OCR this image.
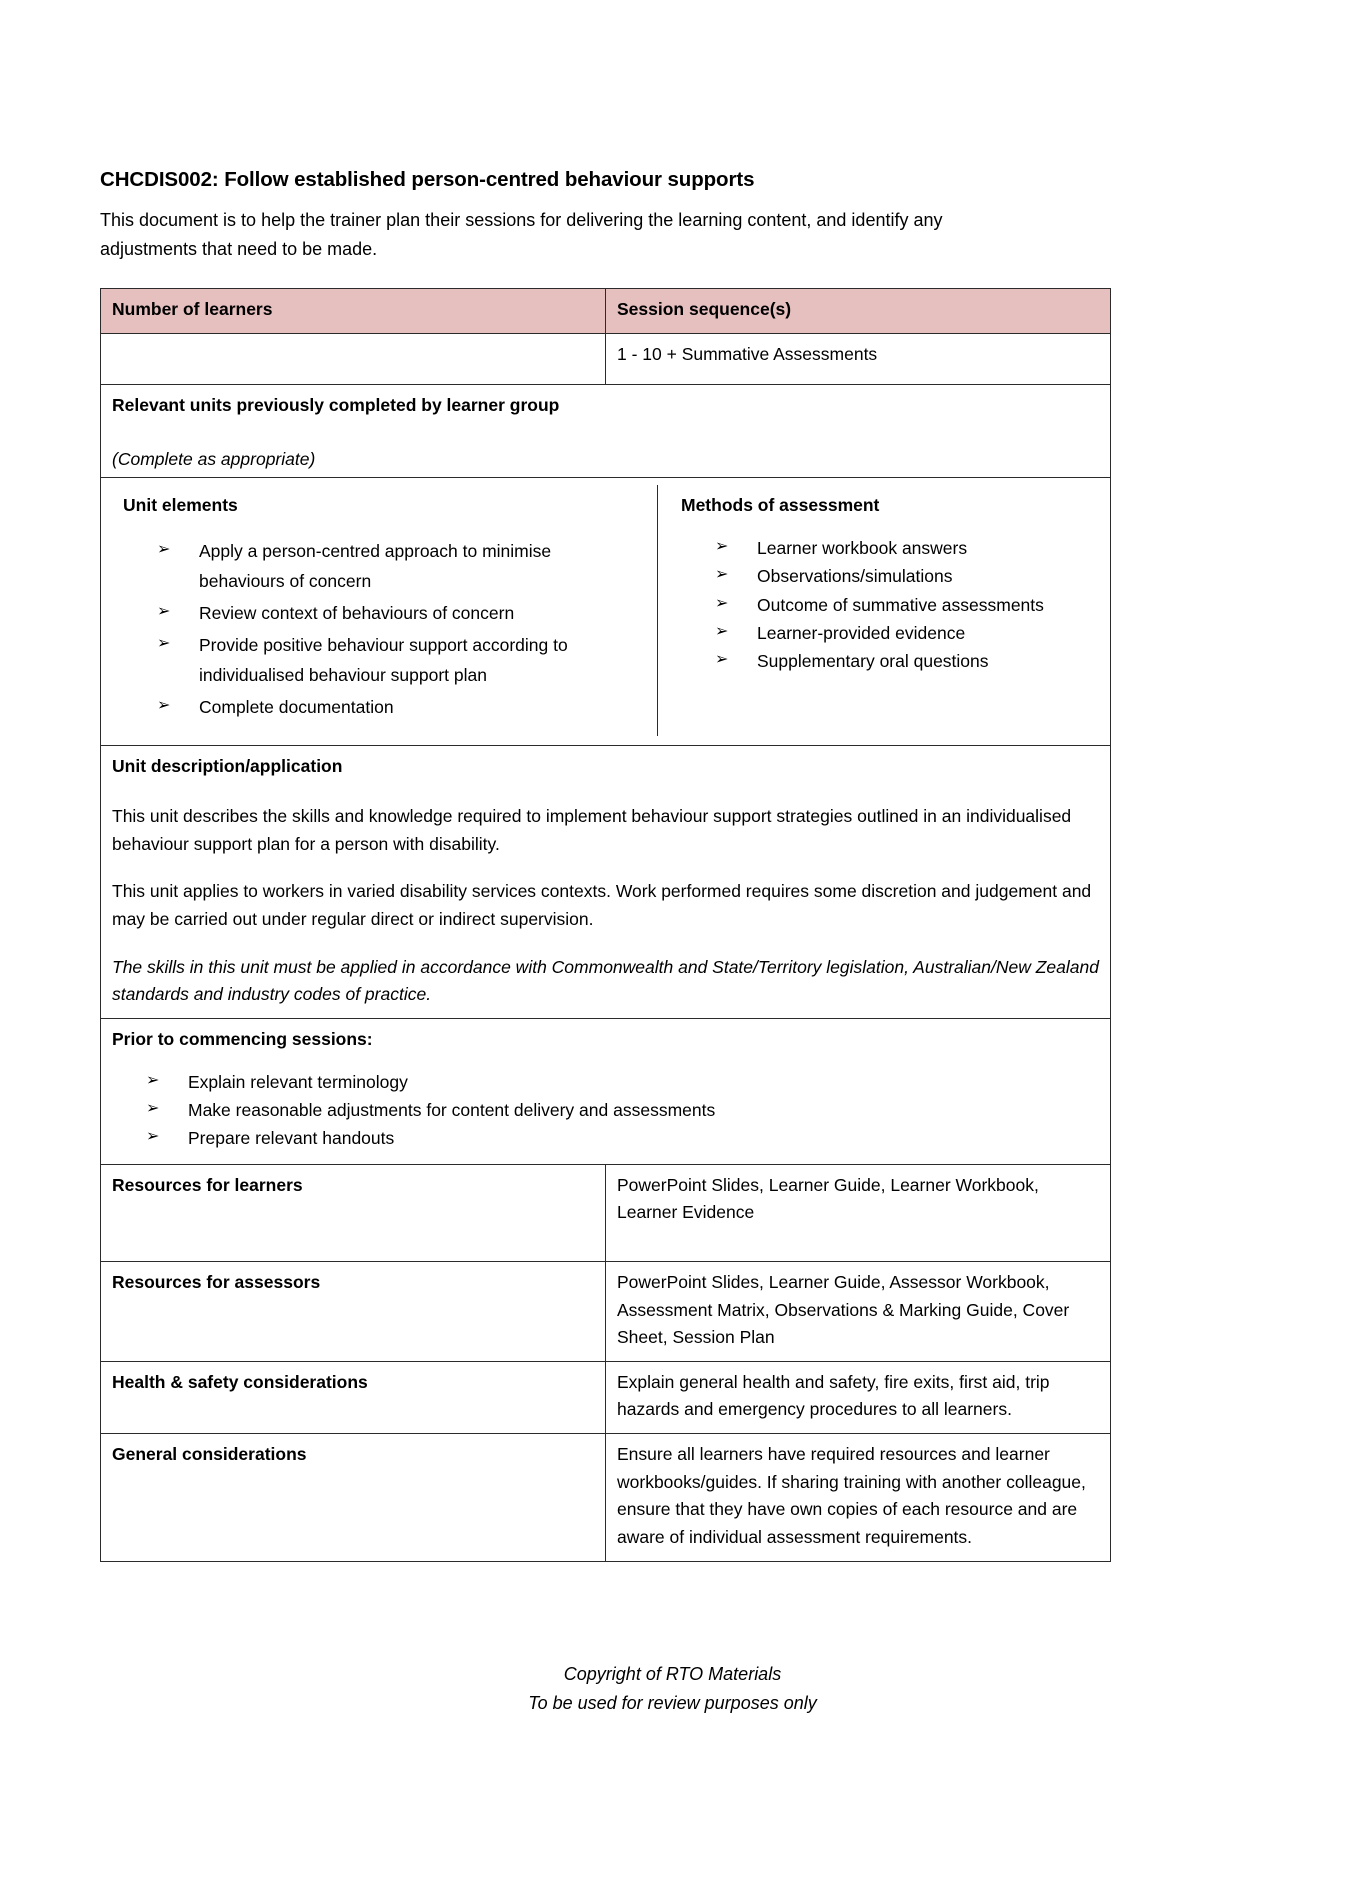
CHCDIS002: Follow established person-centred behaviour supports

This document is to help the trainer plan their sessions for delivering the learning content, and identify any adjustments that need to be made.

Number of learners	Session sequence(s)
	1 - 10 + Summative Assessments

Relevant units previously completed by learner group
(Complete as appropriate)	

Unit elements
➢ Apply a person-centred approach to minimise behaviours of concern
➢ Review context of behaviours of concern
➢ Provide positive behaviour support according to individualised behaviour support plan
➢ Complete documentation
Methods of assessment
➢ Learner workbook answers
➢ Observations/simulations
➢ Outcome of summative assessments
➢ Learner-provided evidence
➢ Supplementary oral questions

Unit description/application

This unit describes the skills and knowledge required to implement behaviour support strategies outlined in an individualised behaviour support plan for a person with disability.

This unit applies to workers in varied disability services contexts. Work performed requires some discretion and judgement and may be carried out under regular direct or indirect supervision.

The skills in this unit must be applied in accordance with Commonwealth and State/Territory legislation, Australian/New Zealand standards and industry codes of practice.	

Prior to commencing sessions:
➢ Explain relevant terminology
➢ Make reasonable adjustments for content delivery and assessments
➢ Prepare relevant handouts

Resources for learners	PowerPoint Slides, Learner Guide, Learner Workbook, Learner Evidence
Resources for assessors	PowerPoint Slides, Learner Guide, Assessor Workbook, Assessment Matrix, Observations & Marking Guide, Cover Sheet, Session Plan
Health & safety considerations	Explain general health and safety, fire exits, first aid, trip hazards and emergency procedures to all learners.
General considerations	Ensure all learners have required resources and learner workbooks/guides. If sharing training with another colleague, ensure that they have own copies of each resource and are aware of individual assessment requirements.
Copyright of RTO Materials
To be used for review purposes only
